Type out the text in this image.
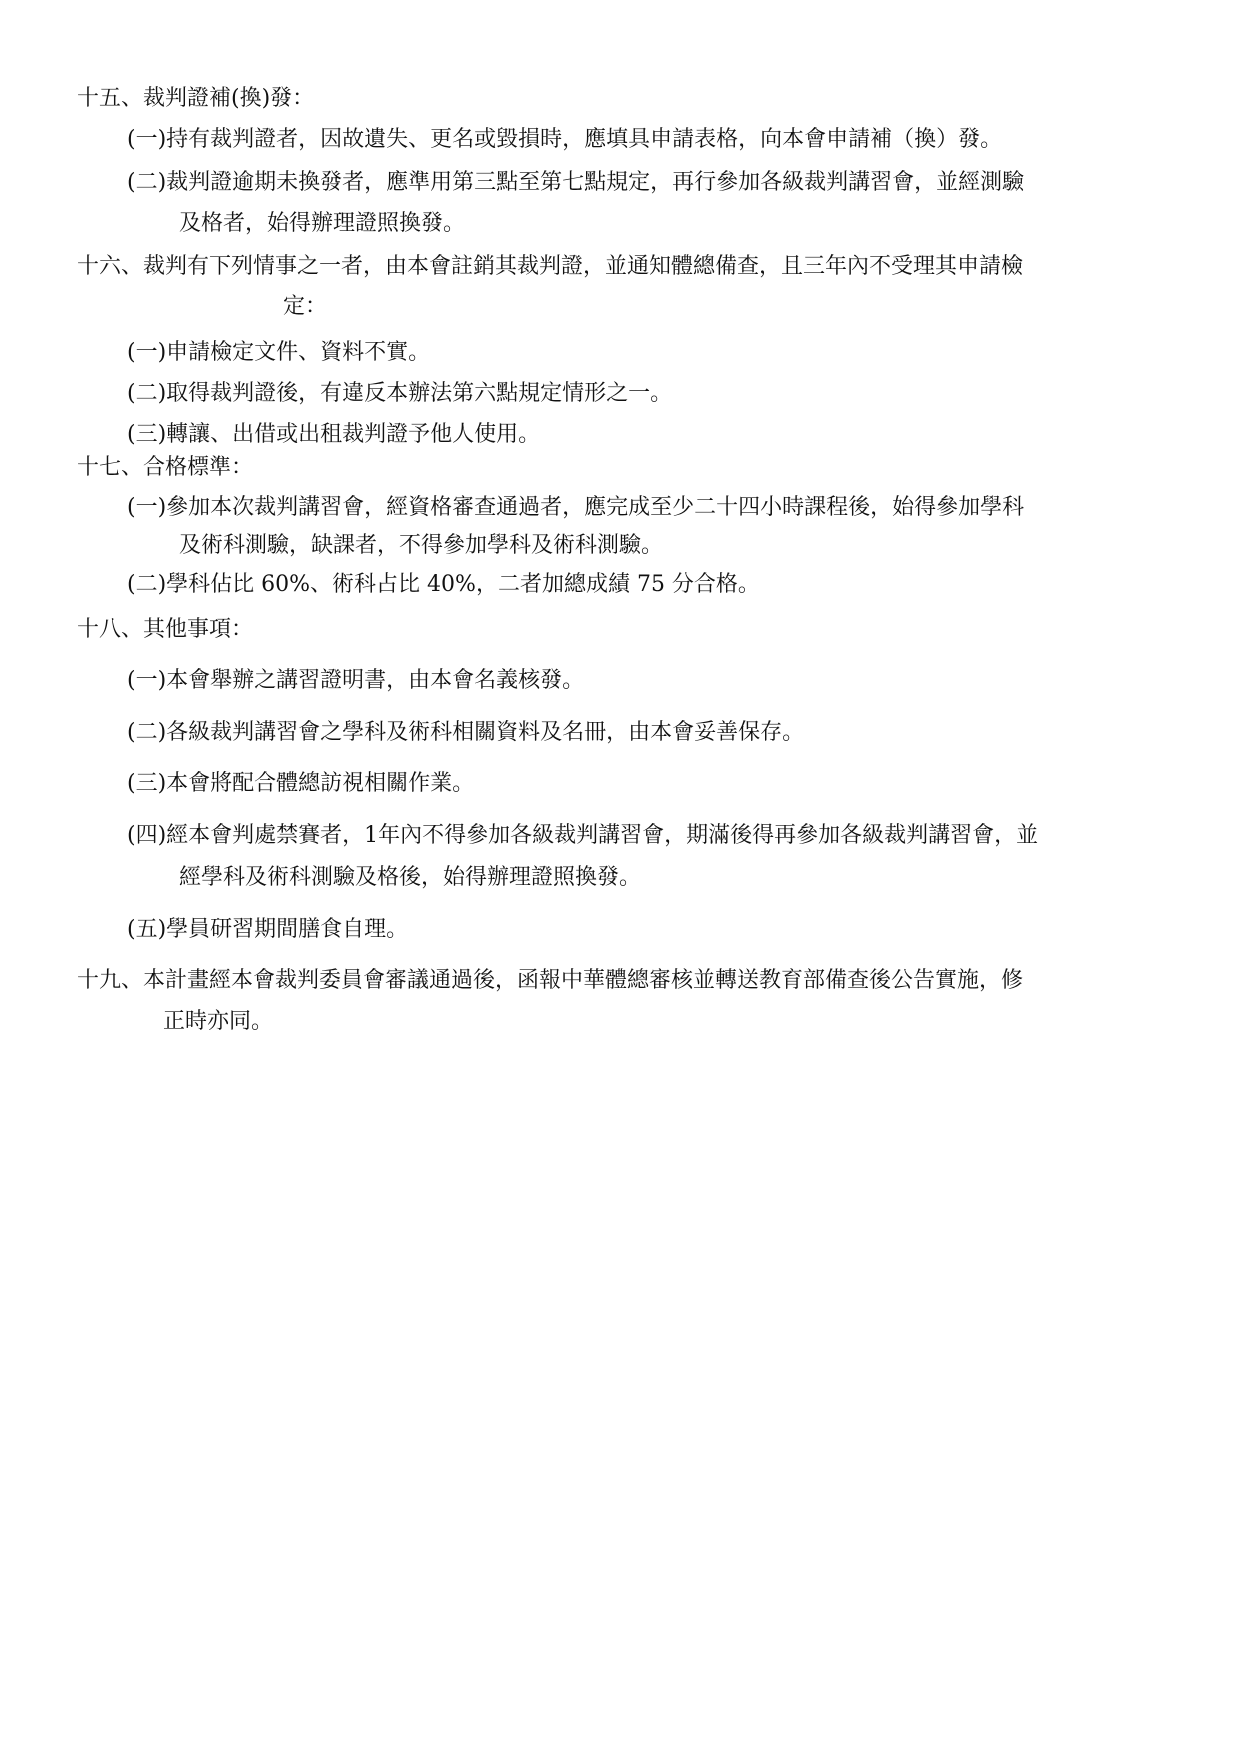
十五、裁判證補(換)發：
(一)持有裁判證者，因故遺失、更名或毀損時，應填具申請表格，向本會申請補（換）發。
(二)裁判證逾期未換發者，應準用第三點至第七點規定，再行參加各級裁判講習會，並經測驗
及格者，始得辦理證照換發。
十六、裁判有下列情事之一者，由本會註銷其裁判證，並通知體總備查，且三年內不受理其申請檢
定：
(一)申請檢定文件、資料不實。
(二)取得裁判證後，有違反本辦法第六點規定情形之一。
(三)轉讓、出借或出租裁判證予他人使用。
十七、合格標準：
(一)參加本次裁判講習會，經資格審查通過者，應完成至少二十四小時課程後，始得參加學科
及術科測驗，缺課者，不得參加學科及術科測驗。
(二)學科佔比 60%、術科占比 40%，二者加總成績 75 分合格。
十八、其他事項：
(一)本會舉辦之講習證明書，由本會名義核發。
(二)各級裁判講習會之學科及術科相關資料及名冊，由本會妥善保存。
(三)本會將配合體總訪視相關作業。
(四)經本會判處禁賽者，1年內不得參加各級裁判講習會，期滿後得再參加各級裁判講習會，並
經學科及術科測驗及格後，始得辦理證照換發。
(五)學員研習期間膳食自理。
十九、本計畫經本會裁判委員會審議通過後，函報中華體總審核並轉送教育部備查後公告實施，修
正時亦同。
